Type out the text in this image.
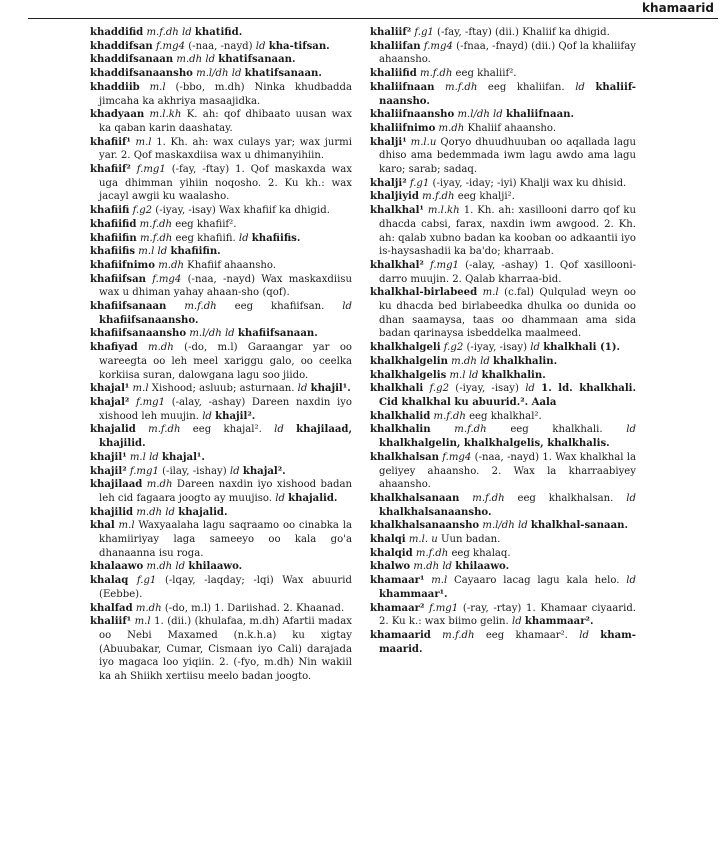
khamaarid

khaddifid m.f.dh ld khatifid.

khaddifsan f.mg4 (-naa, -nayd) ld kha-tifsan.

khaddifsanaan m.dh ld khatifsanaan.

khaddifsanaansho m.l/dh ld khatifsanaan.

khaddiib m.l (-bbo, m.dh) Ninka khudbadda jimcaha ka akhriya masaajidka.

khadyaan m.l.kh K. ah: qof dhibaato uusan wax ka qaban karin daashatay.

khafiif¹ m.l 1. Kh. ah: wax culays yar; wax jurmi yar. 2. Qof maskaxdiisa wax u dhimanyihiin.

khafiif² f.mg1 (-fay, -ftay) 1. Qof maskaxda wax uga dhimman yihiin noqosho. 2. Ku kh.: wax jacayl awgii ku waalasho.

khafiifi f.g2 (-iyay, -isay) Wax khafiif ka dhigid.

khafiifid m.f.dh eeg khafiif².

khafiifin m.f.dh eeg khafiifi. ld khafiifis.

khafiifis m.l ld khafiifin.

khafiifnimo m.dh Khafiif ahaansho.

khafiifsan f.mg4 (-naa, -nayd) Wax maskaxdiisu wax u dhiman yahay ahaan-sho (qof).

khafiifsanaan m.f.dh eeg khafiifsan. ld khafiifsanaansho.

khafiifsanaansho m.l/dh ld khafiifsanaan.

khafiyad m.dh (-do, m.l) Garaangar yar oo wareegta oo leh meel xariggu galo, oo ceelka korkiisa suran, dalowgana lagu soo jiido.

khajal¹ m.l Xishood; asluub; asturnaan. ld khajil¹.

khajal² f.mg1 (-alay, -ashay) Dareen naxdin iyo xishood leh muujin. ld khajil².

khajalid m.f.dh eeg khajal². ld khajilaad, khajilid.

khajil¹ m.l ld khajal¹.

khajil² f.mg1 (-ilay, -ishay) ld khajal².

khajilaad m.dh Dareen naxdin iyo xishood badan leh cid fagaara joogto ay muujiso. ld khajalid.

khajilid m.dh ld khajalid.

khal m.l Waxyaalaha lagu saqraamo oo cinabka la khamiiriyay laga sameeyo oo kala go'a dhanaanna isu roga.

khalaawo m.dh ld khilaawo.

khalaq f.g1 (-lqay, -laqday; -lqi) Wax abuurid (Eebbe).

khalfad m.dh (-do, m.l) 1. Dariishad. 2. Khaanad.

khaliif¹ m.l 1. (dii.) (khulafaa, m.dh) Afartii madax oo Nebi Maxamed (n.k.h.a) ku xigtay (Abuubakar, Cumar, Cismaan iyo Cali) darajada iyo magaca loo yiqiin. 2. (-fyo, m.dh) Nin wakiil ka ah Shiikh xertiisu meelo badan joogto.

khaliif² f.g1 (-fay, -ftay) (dii.) Khaliif ka dhigid.

khaliifan f.mg4 (-fnaa, -fnayd) (dii.) Qof la khaliifay ahaansho.

khaliifid m.f.dh eeg khaliif².

khaliifnaan m.f.dh eeg khaliifan. ld khaliif-naansho.

khaliifnaansho m.l/dh ld khaliifnaan.

khaliifnimo m.dh Khaliif ahaansho.

khalji¹ m.l.u Qoryo dhuudhuuban oo aqallada lagu dhiso ama bedemmada iwm lagu awdo ama lagu karo; sarab; sadaq.

khalji² f.g1 (-iyay, -iday; -iyi) Khalji wax ku dhisid.

khaljiyid m.f.dh eeg khalji².

khalkhal¹ m.l.kh 1. Kh. ah: xasillooni darro qof ku dhacda cabsi, farax, naxdin iwm awgood. 2. Kh. ah: qalab xubno badan ka kooban oo adkaantii iyo is-haysashadii ka ba'do; kharraab.

khalkhal² f.mg1 (-alay, -ashay) 1. Qof xasillooni-darro muujin. 2. Qalab kharraa-bid.

khalkhal-birlabeed m.l (c.fal) Qulqulad weyn oo ku dhacda bed birlabeedka dhulka oo dunida oo dhan saamaysa, taas oo dhammaan ama sida badan qarinaysa isbeddelka maalmeed.

khalkhalgeli f.g2 (-iyay, -isay) ld khalkhali (1).

khalkhalgelin m.dh ld khalkhalin.

khalkhalgelis m.l ld khalkhalin.

khalkhali f.g2 (-iyay, -isay) ld 1. ld. khalkhali. Cid khalkhal ku abuurid.². Aala

khalkhalid m.f.dh eeg khalkhal².

khalkhalin m.f.dh eeg khalkhali. ld khalkhalgelin, khalkhalgelis, khalkhalis.

khalkhalsan f.mg4 (-naa, -nayd) 1. Wax khalkhal la geliyey ahaansho. 2. Wax la kharraabiyey ahaansho.

khalkhalsanaan m.f.dh eeg khalkhalsan. ld khalkhalsanaansho.

khalkhalsanaansho m.l/dh ld khalkhal-sanaan.

khalqi m.l. u Uun badan.

khalqid m.f.dh eeg khalaq.

khalwo m.dh ld khilaawo.

khamaar¹ m.l Cayaaro lacag lagu kala helo. ld khammaar¹.

khamaar² f.mg1 (-ray, -rtay) 1. Khamaar ciyaarid. 2. Ku k.: wax biimo gelin. ld khammaar².

khamaarid m.f.dh eeg khamaar². ld kham-maarid.
